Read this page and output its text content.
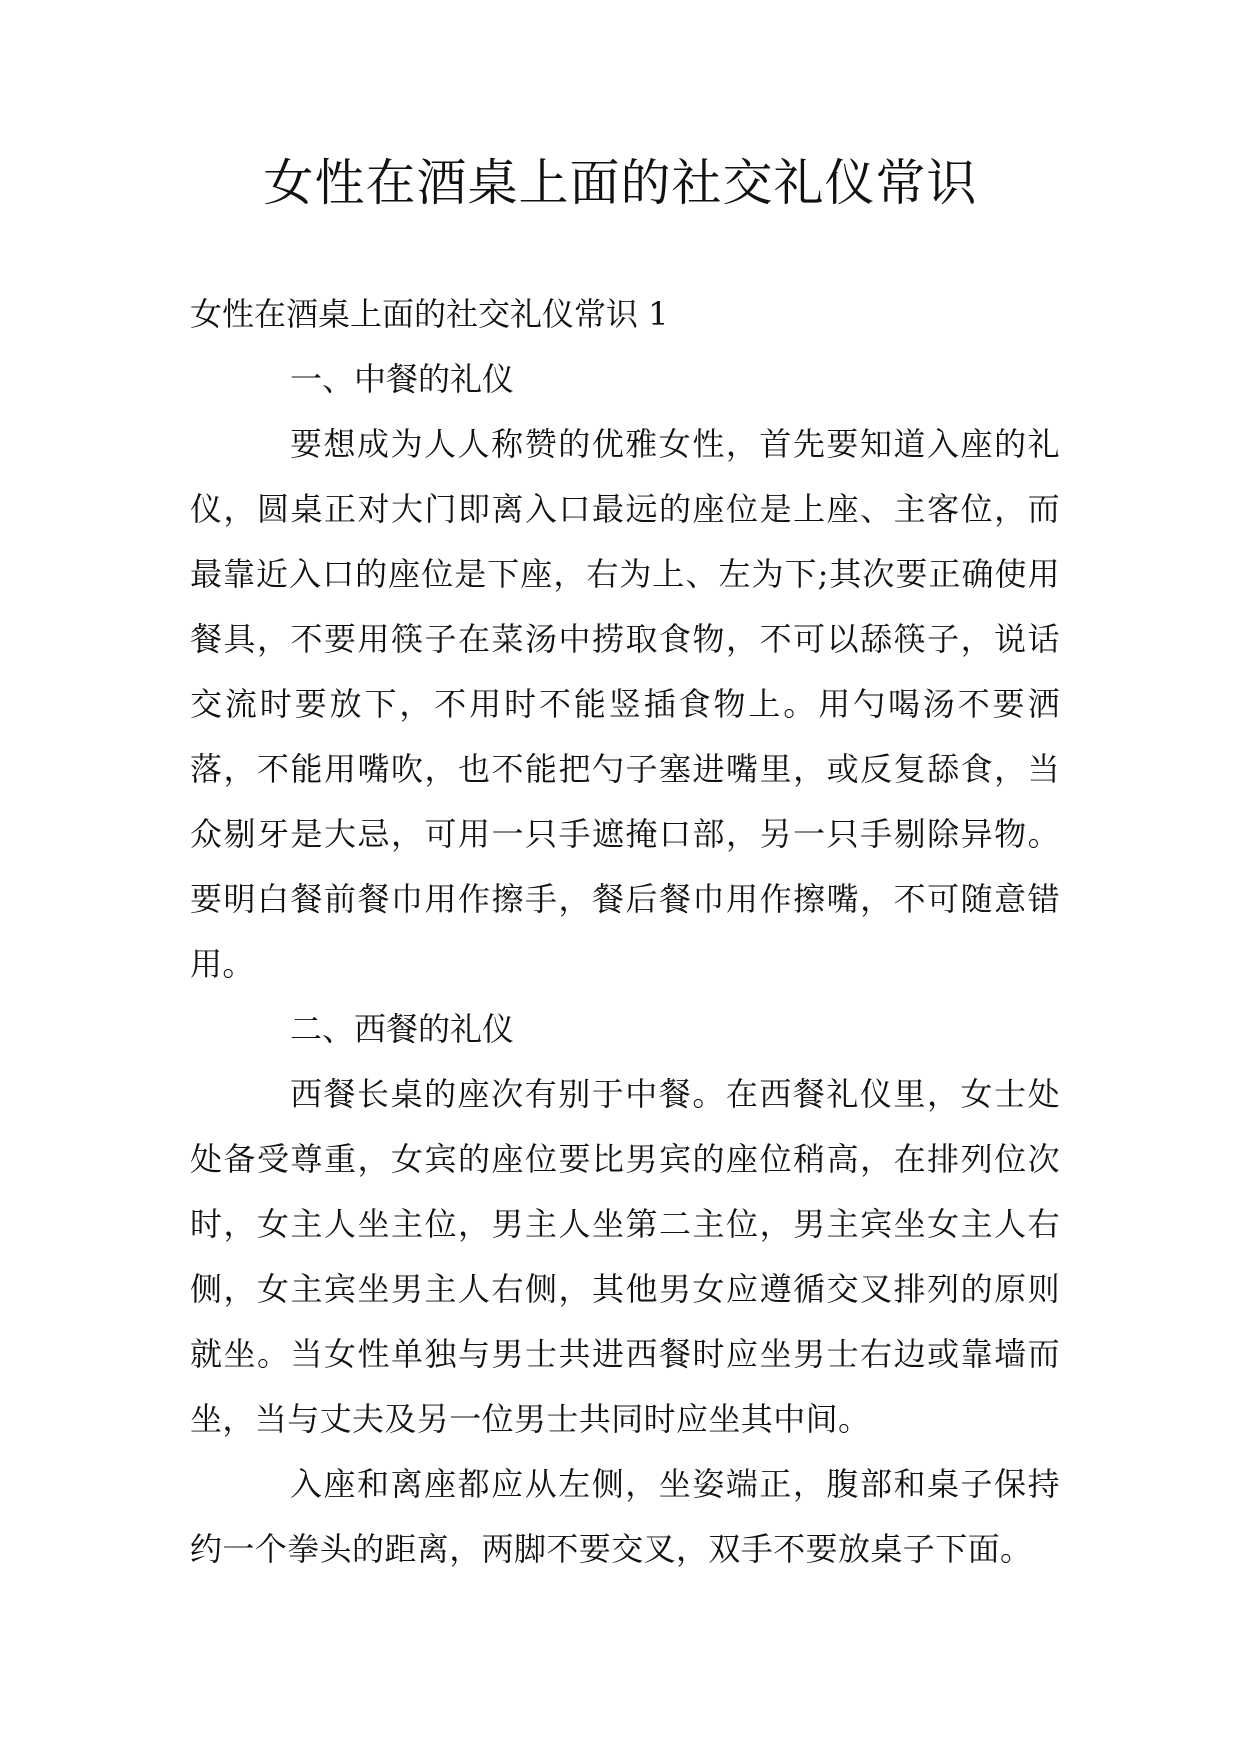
女性在酒桌上面的社交礼仪常识

女性在酒桌上面的社交礼仪常识 1

一、中餐的礼仪

要想成为人人称赞的优雅女性，首先要知道入座的礼仪，圆桌正对大门即离入口最远的座位是上座、主客位，而最靠近入口的座位是下座，右为上、左为下;其次要正确使用餐具，不要用筷子在菜汤中捞取食物，不可以舔筷子，说话交流时要放下，不用时不能竖插食物上。用勺喝汤不要洒落，不能用嘴吹，也不能把勺子塞进嘴里，或反复舔食，当众剔牙是大忌，可用一只手遮掩口部，另一只手剔除异物。要明白餐前餐巾用作擦手，餐后餐巾用作擦嘴，不可随意错用。

二、西餐的礼仪

西餐长桌的座次有别于中餐。在西餐礼仪里，女士处处备受尊重，女宾的座位要比男宾的座位稍高，在排列位次时，女主人坐主位，男主人坐第二主位，男主宾坐女主人右侧，女主宾坐男主人右侧，其他男女应遵循交叉排列的原则就坐。当女性单独与男士共进西餐时应坐男士右边或靠墙而坐，当与丈夫及另一位男士共同时应坐其中间。

入座和离座都应从左侧，坐姿端正，腹部和桌子保持约一个拳头的距离，两脚不要交叉，双手不要放桌子下面。
